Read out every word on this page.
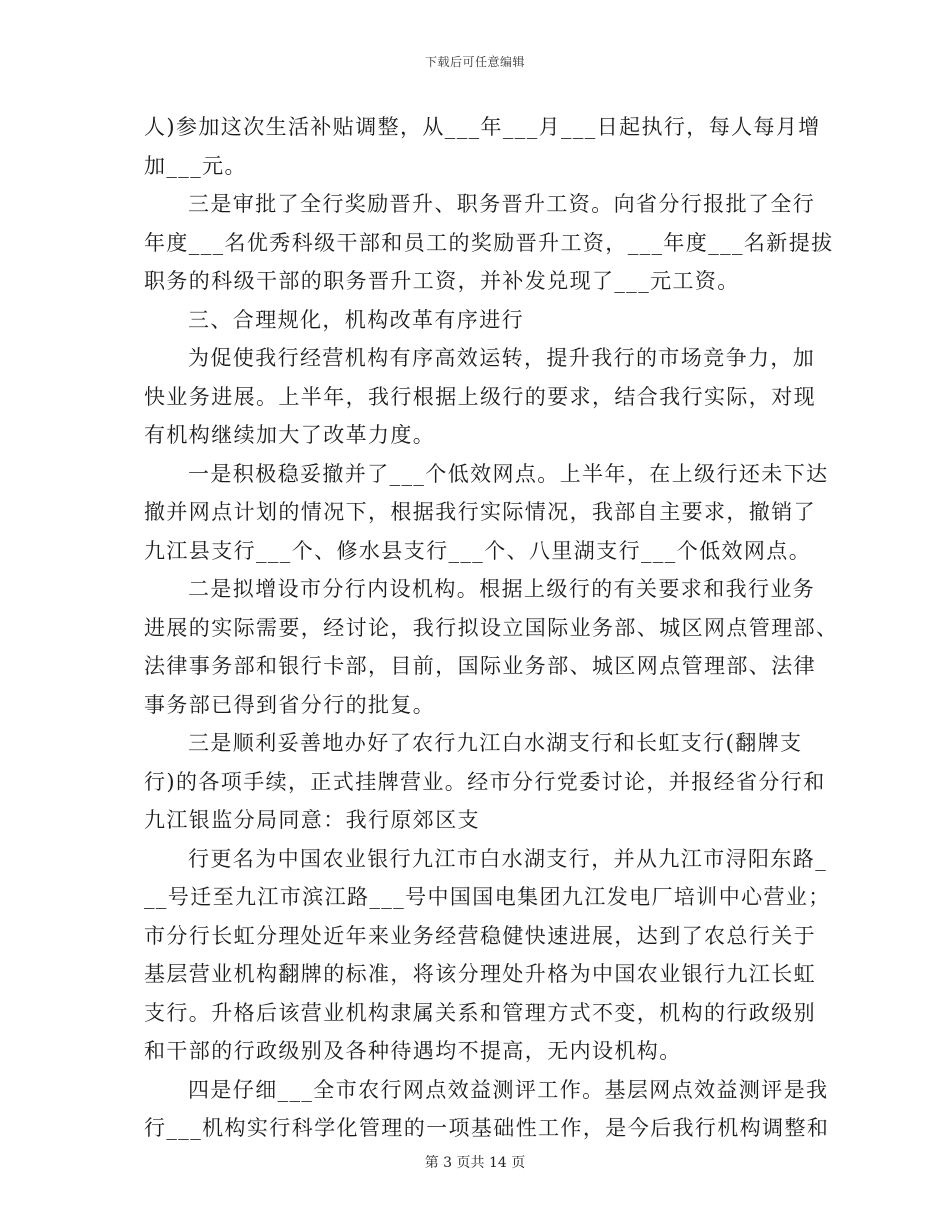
下载后可任意编辑
人)参加这次生活补贴调整，从___年___月___日起执行，每人每月增
加___元。
三是审批了全行奖励晋升、职务晋升工资。向省分行报批了全行
年度___名优秀科级干部和员工的奖励晋升工资，___年度___名新提拔
职务的科级干部的职务晋升工资，并补发兑现了___元工资。
三、合理规化，机构改革有序进行
为促使我行经营机构有序高效运转，提升我行的市场竞争力，加
快业务进展。上半年，我行根据上级行的要求，结合我行实际，对现
有机构继续加大了改革力度。
一是积极稳妥撤并了___个低效网点。上半年，在上级行还未下达
撤并网点计划的情况下，根据我行实际情况，我部自主要求，撤销了
九江县支行___个、修水县支行___个、八里湖支行___个低效网点。
二是拟增设市分行内设机构。根据上级行的有关要求和我行业务
进展的实际需要，经讨论，我行拟设立国际业务部、城区网点管理部、
法律事务部和银行卡部，目前，国际业务部、城区网点管理部、法律
事务部已得到省分行的批复。
三是顺利妥善地办好了农行九江白水湖支行和长虹支行(翻牌支
行)的各项手续，正式挂牌营业。经市分行党委讨论，并报经省分行和
九江银监分局同意：我行原郊区支
行更名为中国农业银行九江市白水湖支行，并从九江市浔阳东路_
__号迁至九江市滨江路___号中国国电集团九江发电厂培训中心营业；
市分行长虹分理处近年来业务经营稳健快速进展，达到了农总行关于
基层营业机构翻牌的标准，将该分理处升格为中国农业银行九江长虹
支行。升格后该营业机构隶属关系和管理方式不变，机构的行政级别
和干部的行政级别及各种待遇均不提高，无内设机构。
四是仔细___全市农行网点效益测评工作。基层网点效益测评是我
行___机构实行科学化管理的一项基础性工作，是今后我行机构调整和
第 3 页共 14 页
